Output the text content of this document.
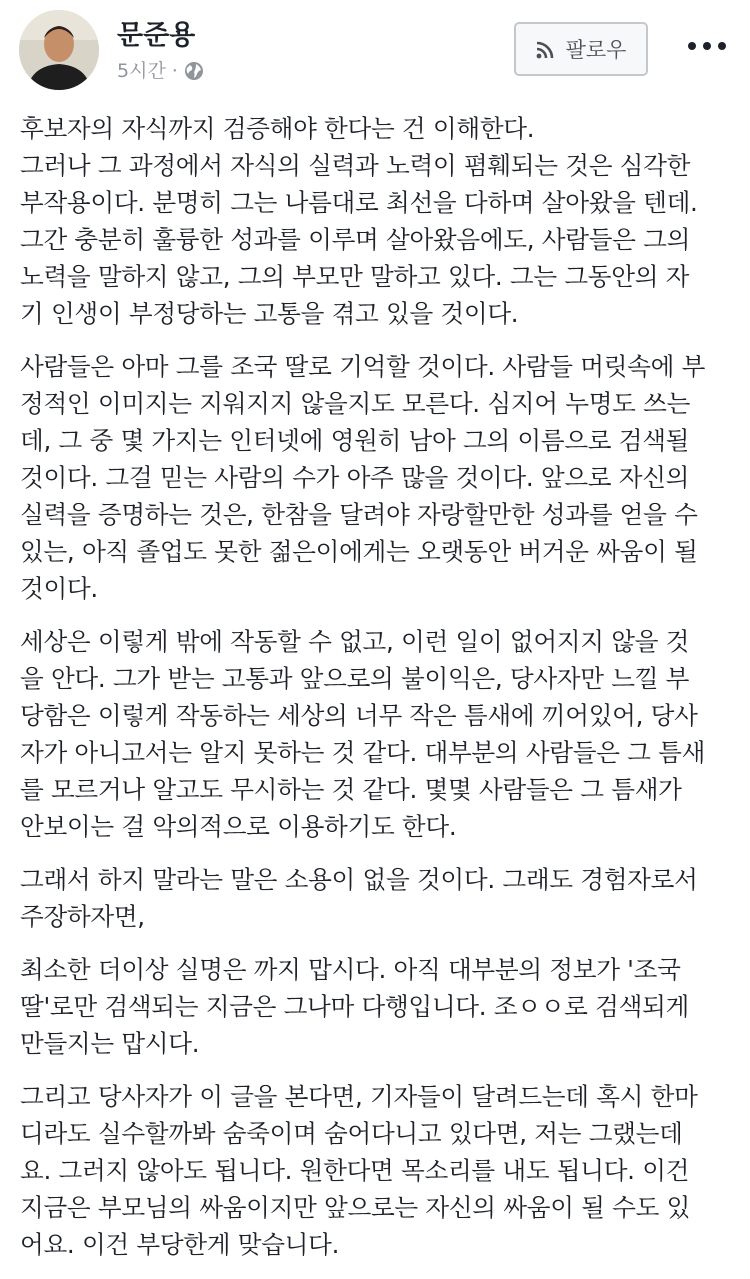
문준용
5시간 ·
팔로우

후보자의 자식까지 검증해야 한다는 건 이해한다.
그러나 그 과정에서 자식의 실력과 노력이 폄훼되는 것은 심각한
부작용이다. 분명히 그는 나름대로 최선을 다하며 살아왔을 텐데.
그간 충분히 훌륭한 성과를 이루며 살아왔음에도, 사람들은 그의
노력을 말하지 않고, 그의 부모만 말하고 있다. 그는 그동안의 자
기 인생이 부정당하는 고통을 겪고 있을 것이다.

사람들은 아마 그를 조국 딸로 기억할 것이다. 사람들 머릿속에 부
정적인 이미지는 지워지지 않을지도 모른다. 심지어 누명도 쓰는
데, 그 중 몇 가지는 인터넷에 영원히 남아 그의 이름으로 검색될
것이다. 그걸 믿는 사람의 수가 아주 많을 것이다. 앞으로 자신의
실력을 증명하는 것은, 한참을 달려야 자랑할만한 성과를 얻을 수
있는, 아직 졸업도 못한 젊은이에게는 오랫동안 버거운 싸움이 될
것이다.

세상은 이렇게 밖에 작동할 수 없고, 이런 일이 없어지지 않을 것
을 안다. 그가 받는 고통과 앞으로의 불이익은, 당사자만 느낄 부
당함은 이렇게 작동하는 세상의 너무 작은 틈새에 끼어있어, 당사
자가 아니고서는 알지 못하는 것 같다. 대부분의 사람들은 그 틈새
를 모르거나 알고도 무시하는 것 같다. 몇몇 사람들은 그 틈새가
안보이는 걸 악의적으로 이용하기도 한다.

그래서 하지 말라는 말은 소용이 없을 것이다. 그래도 경험자로서
주장하자면,

최소한 더이상 실명은 까지 맙시다. 아직 대부분의 정보가 '조국
딸'로만 검색되는 지금은 그나마 다행입니다. 조ㅇㅇ로 검색되게
만들지는 맙시다.

그리고 당사자가 이 글을 본다면, 기자들이 달려드는데 혹시 한마
디라도 실수할까봐 숨죽이며 숨어다니고 있다면, 저는 그랬는데
요. 그러지 않아도 됩니다. 원한다면 목소리를 내도 됩니다. 이건
지금은 부모님의 싸움이지만 앞으로는 자신의 싸움이 될 수도 있
어요. 이건 부당한게 맞습니다.
